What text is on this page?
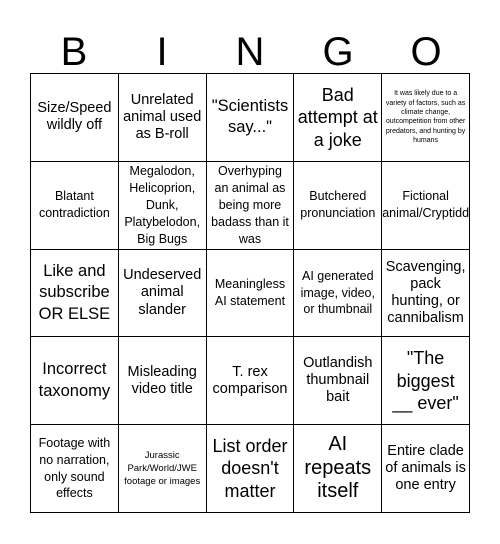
B	I	N	G	O
Size/Speed wildly off
Unrelated animal used as B-roll
"Scientists say..."
Bad attempt at a joke
It was likely due to a variety of factors, such as climate change, outcompetition from other predators, and hunting by humans
Blatant contradiction
Megalodon, Helicoprion, Dunk, Platybelodon, Big Bugs
Overhyping an animal as being more badass than it was
Butchered pronunciation
Fictional animal/Cryptidd
Like and subscribe OR ELSE
Undeserved animal slander
Meaningless AI statement
AI generated image, video, or thumbnail
Scavenging, pack hunting, or cannibalism
Incorrect taxonomy
Misleading video title
T. rex comparison
Outlandish thumbnail bait
"The biggest __ ever"
Footage with no narration, only sound effects
Jurassic Park/World/JWE footage or images
List order doesn't matter
AI repeats itself
Entire clade of animals is one entry
